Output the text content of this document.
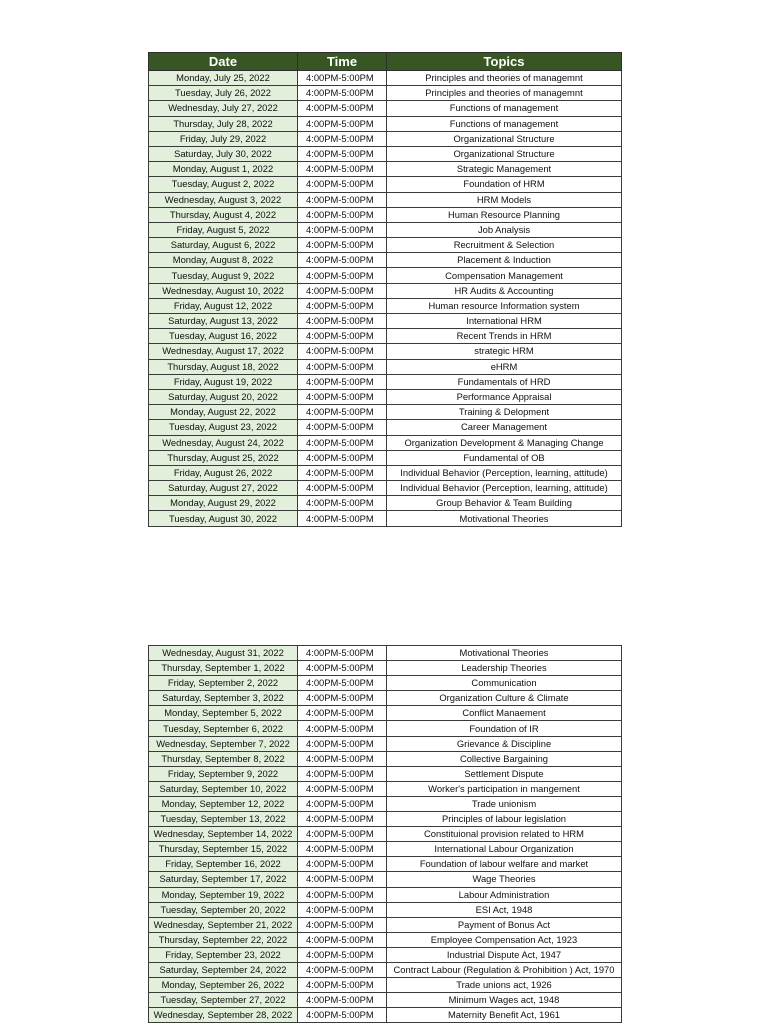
Date	Time	Topics
Monday, July 25, 2022	4:00PM-5:00PM	Principles and theories of managemnt
Tuesday, July 26, 2022	4:00PM-5:00PM	Principles and theories of managemnt
Wednesday, July 27, 2022	4:00PM-5:00PM	Functions of management
Thursday, July 28, 2022	4:00PM-5:00PM	Functions of management
Friday, July 29, 2022	4:00PM-5:00PM	Organizational Structure
Saturday, July 30, 2022	4:00PM-5:00PM	Organizational Structure
Monday, August 1, 2022	4:00PM-5:00PM	Strategic Management
Tuesday, August 2, 2022	4:00PM-5:00PM	Foundation of HRM
Wednesday, August 3, 2022	4:00PM-5:00PM	HRM Models
Thursday, August 4, 2022	4:00PM-5:00PM	Human Resource Planning
Friday, August 5, 2022	4:00PM-5:00PM	Job Analysis
Saturday, August 6, 2022	4:00PM-5:00PM	Recruitment & Selection
Monday, August 8, 2022	4:00PM-5:00PM	Placement & Induction
Tuesday, August 9, 2022	4:00PM-5:00PM	Compensation Management
Wednesday, August 10, 2022	4:00PM-5:00PM	HR Audits & Accounting
Friday, August 12, 2022	4:00PM-5:00PM	Human resource Information system
Saturday, August 13, 2022	4:00PM-5:00PM	International HRM
Tuesday, August 16, 2022	4:00PM-5:00PM	Recent Trends in HRM
Wednesday, August 17, 2022	4:00PM-5:00PM	strategic HRM
Thursday, August 18, 2022	4:00PM-5:00PM	eHRM
Friday, August 19, 2022	4:00PM-5:00PM	Fundamentals of HRD
Saturday, August 20, 2022	4:00PM-5:00PM	Performance Appraisal
Monday, August 22, 2022	4:00PM-5:00PM	Training & Delopment
Tuesday, August 23, 2022	4:00PM-5:00PM	Career Management
Wednesday, August 24, 2022	4:00PM-5:00PM	Organization Development & Managing Change
Thursday, August 25, 2022	4:00PM-5:00PM	Fundamental of OB
Friday, August 26, 2022	4:00PM-5:00PM	Individual Behavior (Perception, learning, attitude)
Saturday, August 27, 2022	4:00PM-5:00PM	Individual Behavior (Perception, learning, attitude)
Monday, August 29, 2022	4:00PM-5:00PM	Group Behavior & Team Building
Tuesday, August 30, 2022	4:00PM-5:00PM	Motivational Theories
Wednesday, August 31, 2022	4:00PM-5:00PM	Motivational Theories
Thursday, September 1, 2022	4:00PM-5:00PM	Leadership Theories
Friday, September 2, 2022	4:00PM-5:00PM	Communication
Saturday, September 3, 2022	4:00PM-5:00PM	Organization Culture & Climate
Monday, September 5, 2022	4:00PM-5:00PM	Conflict Manaement
Tuesday, September 6, 2022	4:00PM-5:00PM	Foundation of IR
Wednesday, September 7, 2022	4:00PM-5:00PM	Grievance & Discipline
Thursday, September 8, 2022	4:00PM-5:00PM	Collective Bargaining
Friday, September 9, 2022	4:00PM-5:00PM	Settlement Dispute
Saturday, September 10, 2022	4:00PM-5:00PM	Worker's participation in mangement
Monday, September 12, 2022	4:00PM-5:00PM	Trade unionism
Tuesday, September 13, 2022	4:00PM-5:00PM	Principles of labour legislation
Wednesday, September 14, 2022	4:00PM-5:00PM	Constituional provision related to HRM
Thursday, September 15, 2022	4:00PM-5:00PM	International Labour Organization
Friday, September 16, 2022	4:00PM-5:00PM	Foundation of labour welfare and market
Saturday, September 17, 2022	4:00PM-5:00PM	Wage Theories
Monday, September 19, 2022	4:00PM-5:00PM	Labour Administration
Tuesday, September 20, 2022	4:00PM-5:00PM	ESI Act, 1948
Wednesday, September 21, 2022	4:00PM-5:00PM	Payment of Bonus Act
Thursday, September 22, 2022	4:00PM-5:00PM	Employee Compensation Act, 1923
Friday, September 23, 2022	4:00PM-5:00PM	Industrial Dispute Act, 1947
Saturday, September 24, 2022	4:00PM-5:00PM	Contract Labour (Regulation & Prohibition ) Act, 1970
Monday, September 26, 2022	4:00PM-5:00PM	Trade unions act, 1926
Tuesday, September 27, 2022	4:00PM-5:00PM	Minimum Wages act, 1948
Wednesday, September 28, 2022	4:00PM-5:00PM	Maternity Benefit Act, 1961
